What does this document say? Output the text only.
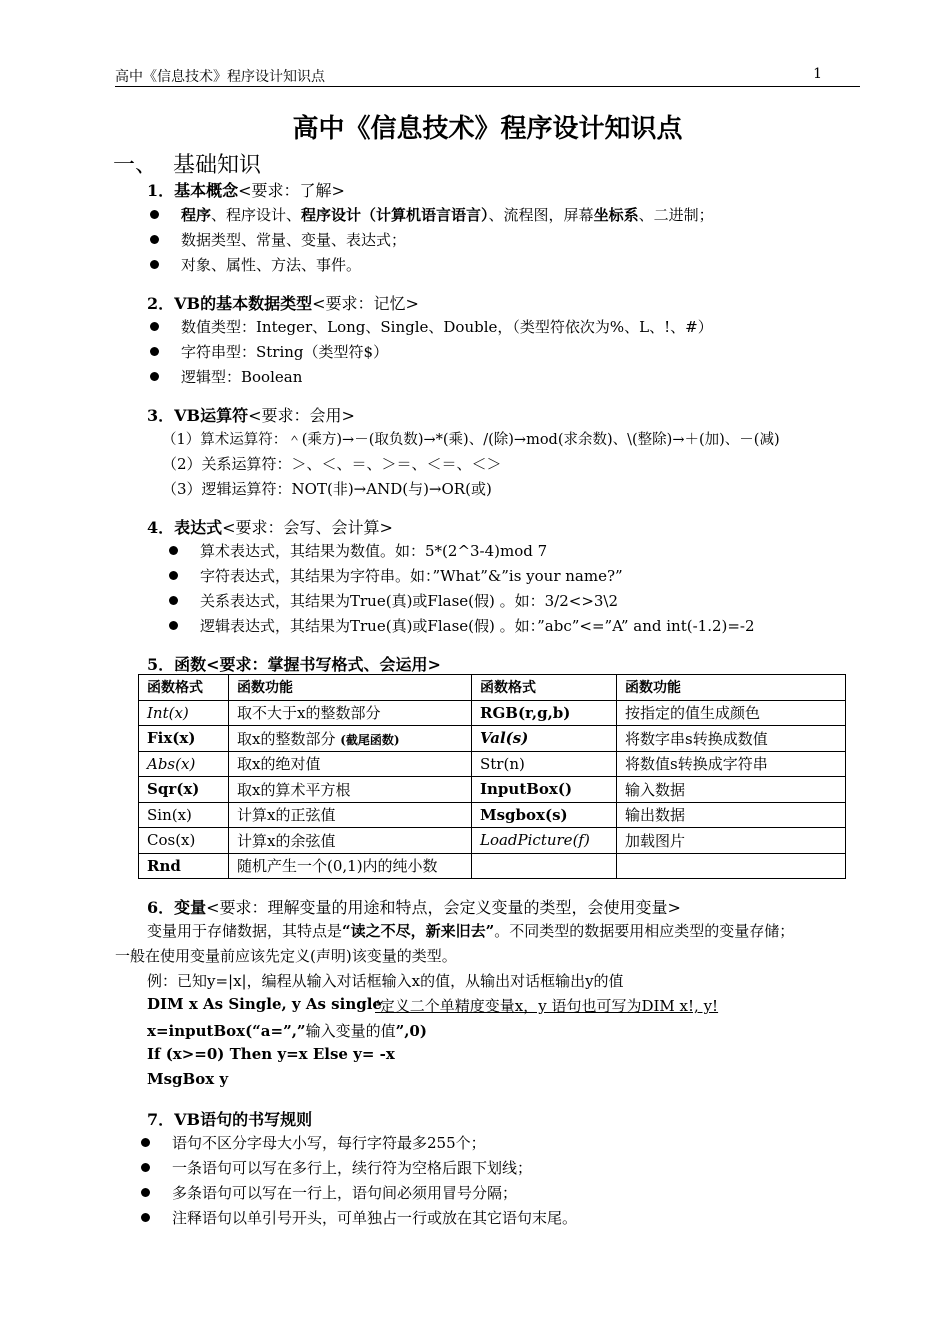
高中《信息技术》程序设计知识点	1
高中《信息技术》程序设计知识点
一、 基础知识
1．基本概念<要求：了解>
程序、程序设计、程序设计（计算机语言语言）、流程图，屏幕坐标系、二进制；
数据类型、常量、变量、表达式；
对象、属性、方法、事件。
2．VB的基本数据类型<要求：记忆>
数值类型：Integer、Long、Single、Double，（类型符依次为%、L、!、#）
字符串型：String（类型符$）
逻辑型：Boolean
3．VB运算符<要求：会用>
（1）算术运算符：＾(乘方)→－(取负数)→*(乘)、/(除)→mod(求余数)、\(整除)→＋(加)、－(减)
（2）关系运算符：＞、＜、＝、＞＝、＜＝、＜＞
（3）逻辑运算符：NOT(非)→AND(与)→OR(或)
4．表达式<要求：会写、会计算>
算术表达式，其结果为数值。如：5*(2^3-4)mod 7
字符表达式，其结果为字符串。如：”What”&”is your name?”
关系表达式，其结果为True(真)或Flase(假) 。如：3/2<>3\2
逻辑表达式，其结果为True(真)或Flase(假) 。如：”abc”<=”A” and int(-1.2)=-2
5．函数<要求：掌握书写格式、会运用>
函数格式	函数功能	函数格式	函数功能
Int(x)	取不大于x的整数部分	RGB(r,g,b)	按指定的值生成颜色
Fix(x)	取x的整数部分 (截尾函数)	Val(s)	将数字串s转换成数值
Abs(x)	取x的绝对值	Str(n)	将数值s转换成字符串
Sqr(x)	取x的算术平方根	InputBox()	输入数据
Sin(x)	计算x的正弦值	Msgbox(s)	输出数据
Cos(x)	计算x的余弦值	LoadPicture(f)	加载图片
Rnd	随机产生一个(0,1)内的纯小数		
6．变量<要求：理解变量的用途和特点，会定义变量的类型，会使用变量>
变量用于存储数据，其特点是“读之不尽，新来旧去”。不同类型的数据要用相应类型的变量存储；
一般在使用变量前应该先定义(声明)该变量的类型。
例：已知y=|x|，编程从输入对话框输入x的值，从输出对话框输出y的值
DIM x As Single, y As single
‘定义二个单精度变量x，y 语句也可写为DIM x!, y!
x=inputBox(“a=”,”输入变量的值”,0)
If (x>=0) Then y=x Else y= -x
MsgBox y
7．VB语句的书写规则
语句不区分字母大小写，每行字符最多255个；
一条语句可以写在多行上，续行符为空格后跟下划线；
多条语句可以写在一行上，语句间必须用冒号分隔；
注释语句以单引号开头，可单独占一行或放在其它语句末尾。
